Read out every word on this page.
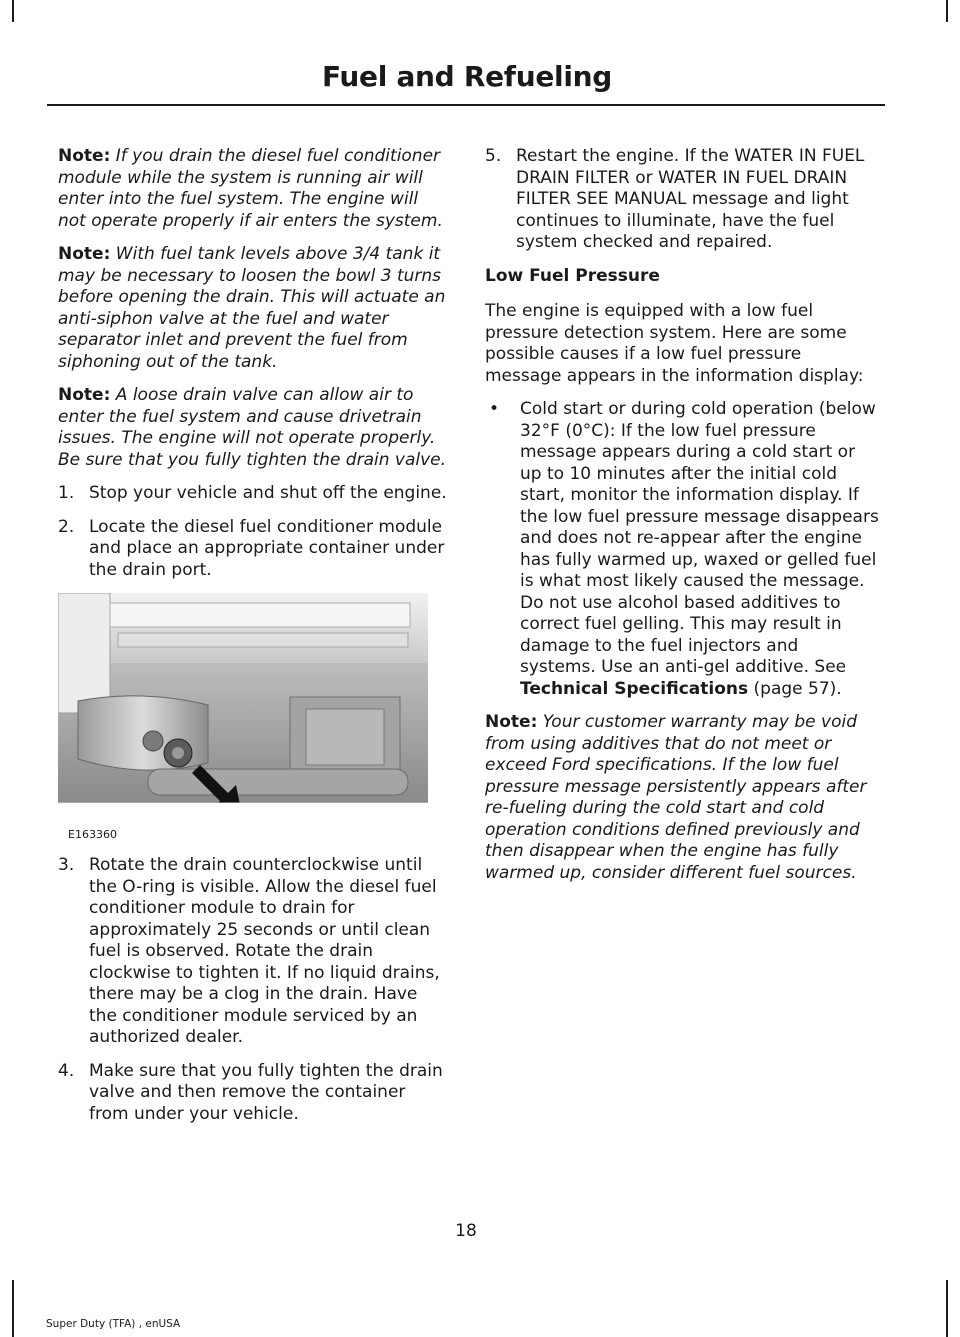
Fuel and Refueling

Note: If you drain the diesel fuel conditioner module while the system is running air will enter into the fuel system. The engine will not operate properly if air enters the system.

Note: With fuel tank levels above 3/4 tank it may be necessary to loosen the bowl 3 turns before opening the drain. This will actuate an anti-siphon valve at the fuel and water separator inlet and prevent the fuel from siphoning out of the tank.

Note: A loose drain valve can allow air to enter the fuel system and cause drivetrain issues. The engine will not operate properly. Be sure that you fully tighten the drain valve.

1. Stop your vehicle and shut off the engine.
2. Locate the diesel fuel conditioner module and place an appropriate container under the drain port.
E163360
3. Rotate the drain counterclockwise until the O-ring is visible. Allow the diesel fuel conditioner module to drain for approximately 25 seconds or until clean fuel is observed. Rotate the drain clockwise to tighten it. If no liquid drains, there may be a clog in the drain. Have the conditioner module serviced by an authorized dealer.
4. Make sure that you fully tighten the drain valve and then remove the container from under your vehicle.
5. Restart the engine. If the WATER IN FUEL DRAIN FILTER or WATER IN FUEL DRAIN FILTER SEE MANUAL message and light continues to illuminate, have the fuel system checked and repaired.
Low Fuel Pressure

The engine is equipped with a low fuel pressure detection system. Here are some possible causes if a low fuel pressure message appears in the information display:

• Cold start or during cold operation (below 32°F (0°C): If the low fuel pressure message appears during a cold start or up to 10 minutes after the initial cold start, monitor the information display. If the low fuel pressure message disappears and does not re-appear after the engine has fully warmed up, waxed or gelled fuel is what most likely caused the message. Do not use alcohol based additives to correct fuel gelling. This may result in damage to the fuel injectors and systems. Use an anti-gel additive. See Technical Specifications (page 57).

Note: Your customer warranty may be void from using additives that do not meet or exceed Ford specifications. If the low fuel pressure message persistently appears after re-fueling during the cold start and cold operation conditions defined previously and then disappear when the engine has fully warmed up, consider different fuel sources.

18
Super Duty (TFA) , enUSA
